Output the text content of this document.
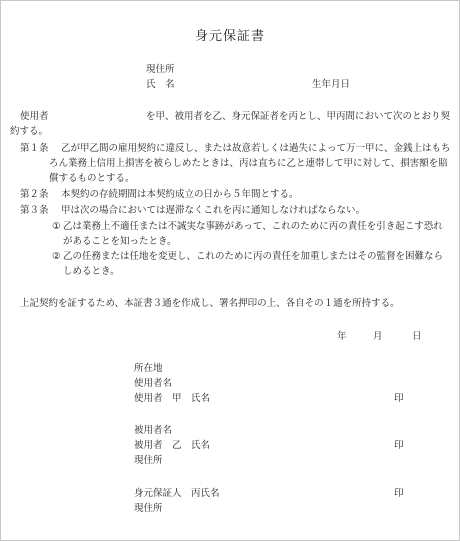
身元保証書
現住所
氏　名	生年月日
使用者	を甲、被用者を乙、身元保証者を丙とし、甲丙間において次のとおり契
約する。
第１条 乙が甲乙間の雇用契約に違反し、または故意若しくは過失によって万一甲に、金銭上はもち
ろん業務上信用上損害を被らしめたときは、丙は直ちに乙と連帯して甲に対して、損害額を賠
償するものとする。
第２条 本契約の存続期間は本契約成立の日から５年間とする。
第３条 甲は次の場合においては遅滞なくこれを丙に通知しなければならない。
① 乙は業務上不適任または不誠実な事跡があって、これのために丙の責任を引き起こす恐れ
があることを知ったとき。
② 乙の任務または任地を変更し、これのために丙の責任を加重しまたはその監督を困難なら
しめるとき。
上記契約を証するため、本証書３通を作成し、署名押印の上、各自その１通を所持する。
年	月	日
所在地
使用者名
使用者　甲　氏名	印
被用者名
被用者　乙　氏名	印
現住所
身元保証人　丙氏名	印
現住所
